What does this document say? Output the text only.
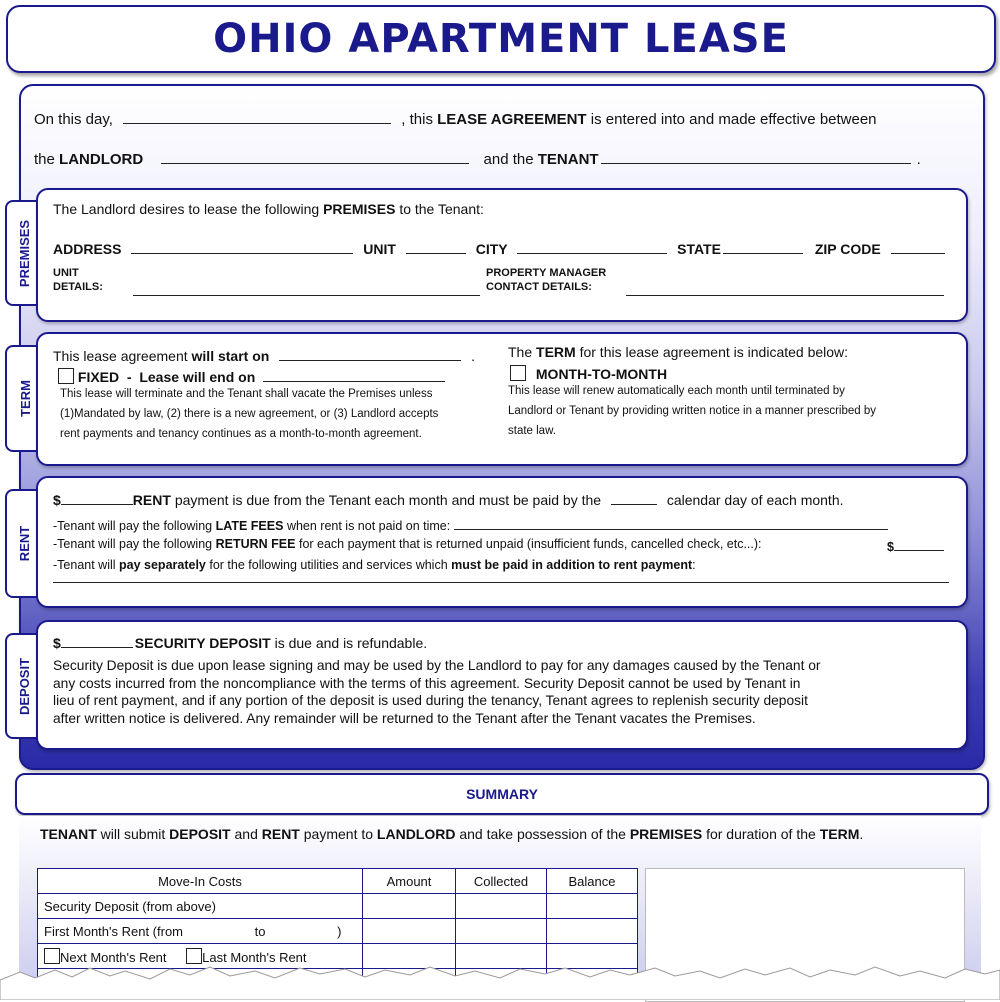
OHIO APARTMENT LEASE
On this day,	, this LEASE AGREEMENT is entered into and made effective between
the LANDLORD	and the TENANT	.
PREMISES
The Landlord desires to lease the following PREMISES to the Tenant:
ADDRESS	UNIT	CITY	STATE	ZIP CODE
UNIT
DETAILS:
PROPERTY MANAGER
CONTACT DETAILS:
TERM
This lease agreement will start on	. The TERM for this lease agreement is indicated below:
FIXED  -  Lease will end on
This lease will terminate and the Tenant shall vacate the Premises unless
(1)Mandated by law, (2) there is a new agreement, or (3) Landlord accepts
rent payments and tenancy continues as a month-to-month agreement.
MONTH-TO-MONTH
This lease will renew automatically each month until terminated by
Landlord or Tenant by providing written notice in a manner prescribed by
state law.
RENT
$	RENT payment is due from the Tenant each month and must be paid by the	calendar day of each month.
-Tenant will pay the following LATE FEES when rent is not paid on time:
-Tenant will pay the following RETURN FEE for each payment that is returned unpaid (insufficient funds, cancelled check, etc...):	$
-Tenant will pay separately for the following utilities and services which must be paid in addition to rent payment:
DEPOSIT
$	SECURITY DEPOSIT is due and is refundable.
Security Deposit is due upon lease signing and may be used by the Landlord to pay for any damages caused by the Tenant or
any costs incurred from the noncompliance with the terms of this agreement. Security Deposit cannot be used by Tenant in
lieu of rent payment, and if any portion of the deposit is used during the tenancy, Tenant agrees to replenish security deposit
after written notice is delivered. Any remainder will be returned to the Tenant after the Tenant vacates the Premises.
SUMMARY
TENANT will submit DEPOSIT and RENT payment to LANDLORD and take possession of the PREMISES for duration of the TERM.
Move-In Costs	Amount	Collected	Balance
Security Deposit (from above)			
First Month's Rent (from to )			
Next Month's Rent Last Month's Rent			
